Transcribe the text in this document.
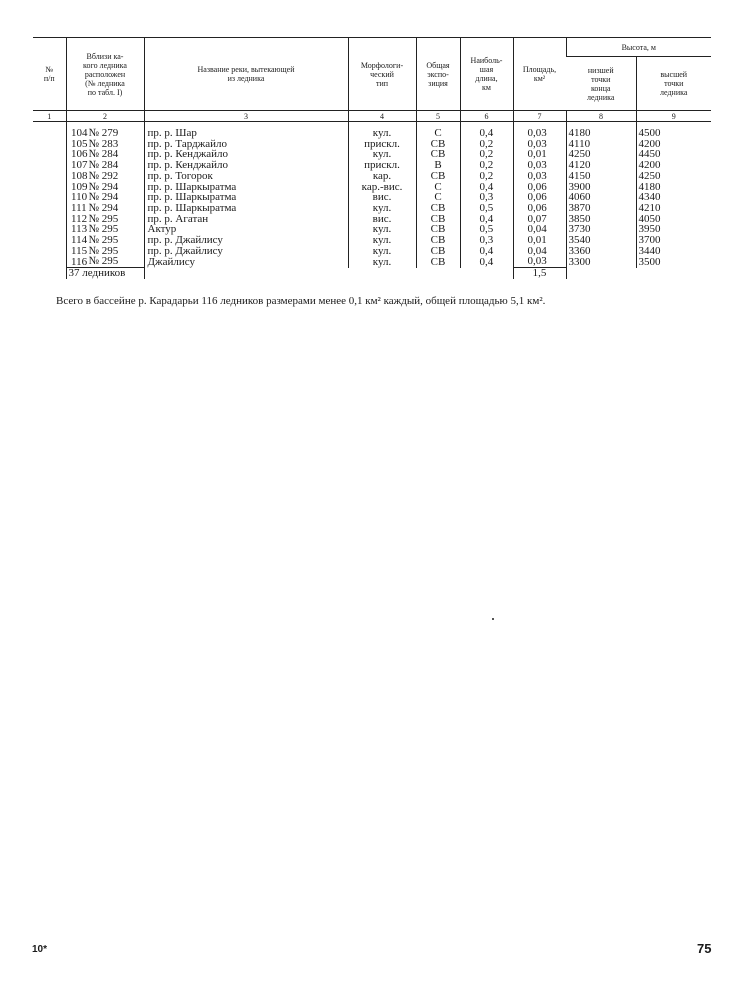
№
п/п	Вблизи ка-
кого ледника
расположен
(№ ледника
по табл. I)	Название реки, вытекающей
из ледника	Морфологи-
ческий
тип	Общая
экспо-
зиция	Наиболь-
шая
длина,
км	Площадь,
км²	Высота, м	
							низшей
точки
конца
ледника	высшей
точки
ледника
1	2	3	4	5	6	7	8	9
104	№ 279	пр. р. Шар	кул.	С	0,4	0,03	4180	4500
105	№ 283	пр. р. Тарджайло	прискл.	СВ	0,2	0,03	4110	4200
106	№ 284	пр. р. Кенджайло	кул.	СВ	0,2	0,01	4250	4450
107	№ 284	пр. р. Кенджайло	прискл.	В	0,2	0,03	4120	4200
108	№ 292	пр. р. Тогорок	кар.	СВ	0,2	0,03	4150	4250
109	№ 294	пр. р. Шаркыратма	кар.-вис.	С	0,4	0,06	3900	4180
110	№ 294	пр. р. Шаркыратма	вис.	С	0,3	0,06	4060	4340
111	№ 294	пр. р. Шаркыратма	кул.	СВ	0,5	0,06	3870	4210
112	№ 295	пр. р. Агатан	вис.	СВ	0,4	0,07	3850	4050
113	№ 295	Актур	кул.	СВ	0,5	0,04	3730	3950
114	№ 295	пр. р. Джайлису	кул.	СВ	0,3	0,01	3540	3700
115	№ 295	пр. р. Джайлису	кул.	СВ	0,4	0,04	3360	3440
116	№ 295	Джайлису	кул.	СВ	0,4	0,03	3300	3500
	37 ледников					1,5		
Всего в бассейне р. Карадарьи 116 ледников размерами менее 0,1 км² каждый, общей площадью 5,1 км².
10*	75
